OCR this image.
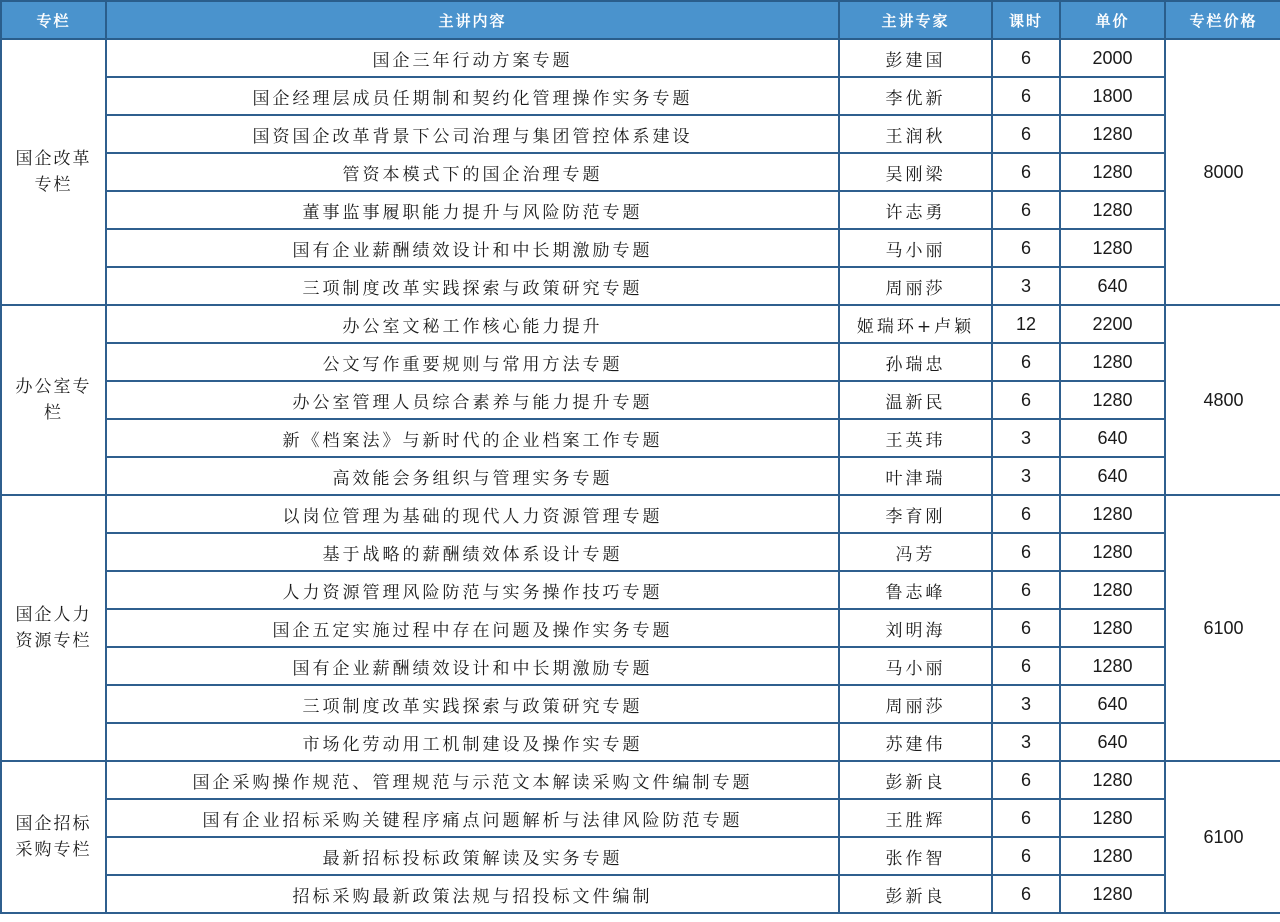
专栏	主讲内容	主讲专家	课时	单价	专栏价格
国企改革专栏	国企三年行动方案专题	彭建国	6	2000	8000
	国企经理层成员任期制和契约化管理操作实务专题	李优新	6	1800	
	国资国企改革背景下公司治理与集团管控体系建设	王润秋	6	1280	
	管资本模式下的国企治理专题	吴刚梁	6	1280	
	董事监事履职能力提升与风险防范专题	许志勇	6	1280	
	国有企业薪酬绩效设计和中长期激励专题	马小丽	6	1280	
	三项制度改革实践探索与政策研究专题	周丽莎	3	640	
办公室专栏	办公室文秘工作核心能力提升	姬瑞环+卢颖	12	2200	4800
	公文写作重要规则与常用方法专题	孙瑞忠	6	1280	
	办公室管理人员综合素养与能力提升专题	温新民	6	1280	
	新《档案法》与新时代的企业档案工作专题	王英玮	3	640	
	高效能会务组织与管理实务专题	叶津瑞	3	640	
国企人力资源专栏	以岗位管理为基础的现代人力资源管理专题	李育刚	6	1280	6100
	基于战略的薪酬绩效体系设计专题	冯芳	6	1280	
	人力资源管理风险防范与实务操作技巧专题	鲁志峰	6	1280	
	国企五定实施过程中存在问题及操作实务专题	刘明海	6	1280	
	国有企业薪酬绩效设计和中长期激励专题	马小丽	6	1280	
	三项制度改革实践探索与政策研究专题	周丽莎	3	640	
	市场化劳动用工机制建设及操作实专题	苏建伟	3	640	
国企招标采购专栏	国企采购操作规范、管理规范与示范文本解读采购文件编制专题	彭新良	6	1280	6100
	国有企业招标采购关键程序痛点问题解析与法律风险防范专题	王胜辉	6	1280	
	最新招标投标政策解读及实务专题	张作智	6	1280	
	招标采购最新政策法规与招投标文件编制	彭新良	6	1280	
